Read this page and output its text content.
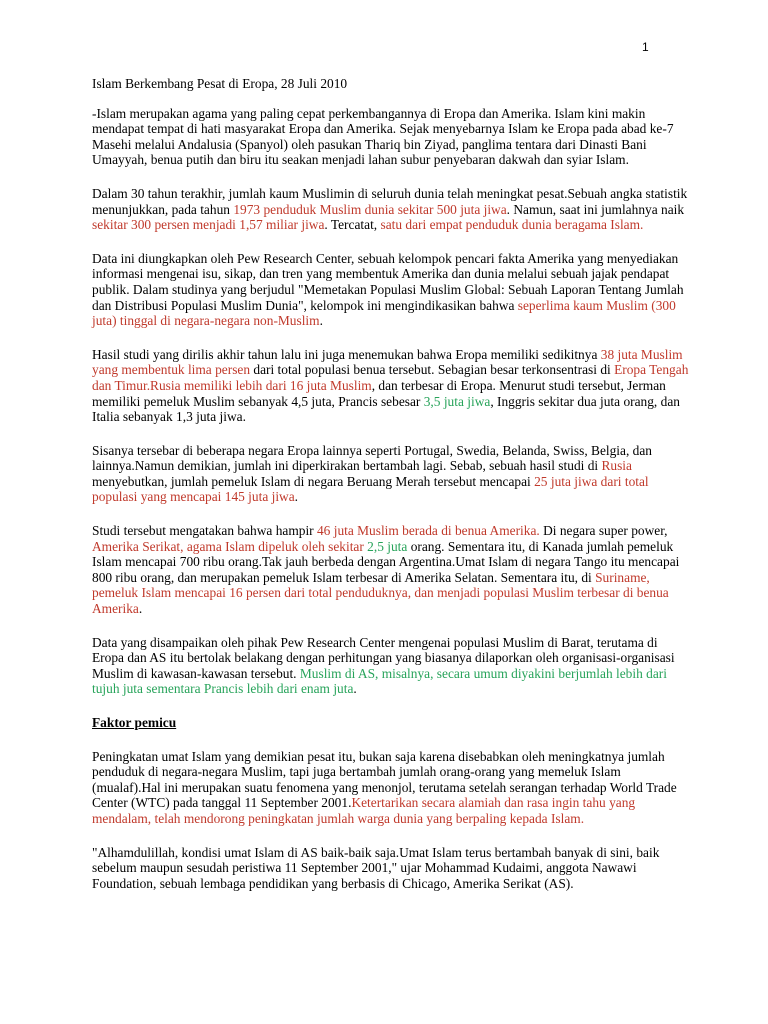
1

Islam Berkembang Pesat di Eropa, 28 Juli 2010

-Islam merupakan agama yang paling cepat perkembangannya di Eropa dan Amerika. Islam kini makin mendapat tempat di hati masyarakat Eropa dan Amerika. Sejak menyebarnya Islam ke Eropa pada abad ke-7 Masehi melalui Andalusia (Spanyol) oleh pasukan Thariq bin Ziyad, panglima tentara dari Dinasti Bani Umayyah, benua putih dan biru itu seakan menjadi lahan subur penyebaran dakwah dan syiar Islam.

Dalam 30 tahun terakhir, jumlah kaum Muslimin di seluruh dunia telah meningkat pesat.Sebuah angka statistik menunjukkan, pada tahun 1973 penduduk Muslim dunia sekitar 500 juta jiwa. Namun, saat ini jumlahnya naik sekitar 300 persen menjadi 1,57 miliar jiwa. Tercatat, satu dari empat penduduk dunia beragama Islam.

Data ini diungkapkan oleh Pew Research Center, sebuah kelompok pencari fakta Amerika yang menyediakan informasi mengenai isu, sikap, dan tren yang membentuk Amerika dan dunia melalui sebuah jajak pendapat publik. Dalam studinya yang berjudul "Memetakan Populasi Muslim Global: Sebuah Laporan Tentang Jumlah dan Distribusi Populasi Muslim Dunia", kelompok ini mengindikasikan bahwa seperlima kaum Muslim (300 juta) tinggal di negara-negara non-Muslim.

Hasil studi yang dirilis akhir tahun lalu ini juga menemukan bahwa Eropa memiliki sedikitnya 38 juta Muslim yang membentuk lima persen dari total populasi benua tersebut. Sebagian besar terkonsentrasi di Eropa Tengah dan Timur.Rusia memiliki lebih dari 16 juta Muslim, dan terbesar di Eropa. Menurut studi tersebut, Jerman memiliki pemeluk Muslim sebanyak 4,5 juta, Prancis sebesar 3,5 juta jiwa, Inggris sekitar dua juta orang, dan Italia sebanyak 1,3 juta jiwa.

Sisanya tersebar di beberapa negara Eropa lainnya seperti Portugal, Swedia, Belanda, Swiss, Belgia, dan lainnya.Namun demikian, jumlah ini diperkirakan bertambah lagi. Sebab, sebuah hasil studi di Rusia menyebutkan, jumlah pemeluk Islam di negara Beruang Merah tersebut mencapai 25 juta jiwa dari total populasi yang mencapai 145 juta jiwa.

Studi tersebut mengatakan bahwa hampir 46 juta Muslim berada di benua Amerika. Di negara super power, Amerika Serikat, agama Islam dipeluk oleh sekitar 2,5 juta orang. Sementara itu, di Kanada jumlah pemeluk Islam mencapai 700 ribu orang.Tak jauh berbeda dengan Argentina.Umat Islam di negara Tango itu mencapai 800 ribu orang, dan merupakan pemeluk Islam terbesar di Amerika Selatan. Sementara itu, di Suriname, pemeluk Islam mencapai 16 persen dari total penduduknya, dan menjadi populasi Muslim terbesar di benua Amerika.

Data yang disampaikan oleh pihak Pew Research Center mengenai populasi Muslim di Barat, terutama di Eropa dan AS itu bertolak belakang dengan perhitungan yang biasanya dilaporkan oleh organisasi-organisasi Muslim di kawasan-kawasan tersebut. Muslim di AS, misalnya, secara umum diyakini berjumlah lebih dari tujuh juta sementara Prancis lebih dari enam juta.

Faktor pemicu

Peningkatan umat Islam yang demikian pesat itu, bukan saja karena disebabkan oleh meningkatnya jumlah penduduk di negara-negara Muslim, tapi juga bertambah jumlah orang-orang yang memeluk Islam (mualaf).Hal ini merupakan suatu fenomena yang menonjol, terutama setelah serangan terhadap World Trade Center (WTC) pada tanggal 11 September 2001.Ketertarikan secara alamiah dan rasa ingin tahu yang mendalam, telah mendorong peningkatan jumlah warga dunia yang berpaling kepada Islam.

"Alhamdulillah, kondisi umat Islam di AS baik-baik saja.Umat Islam terus bertambah banyak di sini, baik sebelum maupun sesudah peristiwa 11 September 2001," ujar Mohammad Kudaimi, anggota Nawawi Foundation, sebuah lembaga pendidikan yang berbasis di Chicago, Amerika Serikat (AS).
